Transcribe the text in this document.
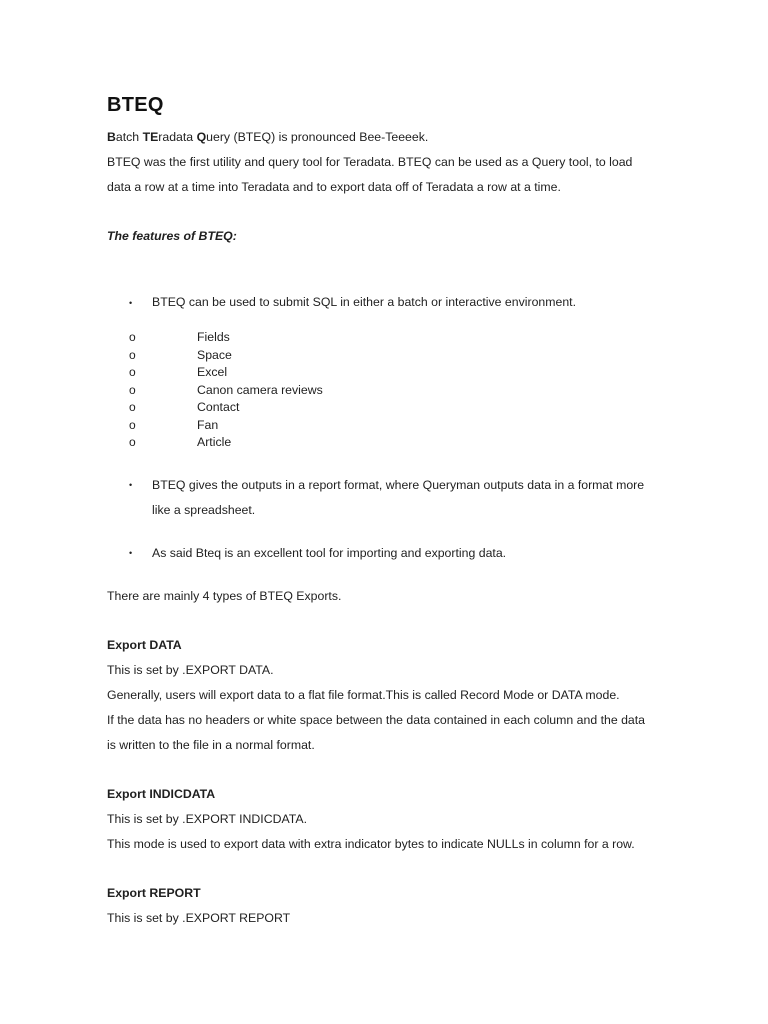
BTEQ
Batch TEradata Query (BTEQ) is pronounced Bee-Teeeek.
BTEQ was the first utility and query tool for Teradata. BTEQ can be used as a Query tool, to load
data a row at a time into Teradata and to export data off of Teradata a row at a time.
The features of BTEQ:
• BTEQ can be used to submit SQL in either a batch or interactive environment.
o	Fields
o	Space
o	Excel
o	Canon camera reviews
o	Contact
o	Fan
o	Article
• BTEQ gives the outputs in a report format, where Queryman outputs data in a format more
like a spreadsheet.
• As said Bteq is an excellent tool for importing and exporting data.
There are mainly 4 types of BTEQ Exports.
Export DATA
This is set by .EXPORT DATA.
Generally, users will export data to a flat file format.This is called Record Mode or DATA mode.
If the data has no headers or white space between the data contained in each column and the data
is written to the file in a normal format.
Export INDICDATA
This is set by .EXPORT INDICDATA.
This mode is used to export data with extra indicator bytes to indicate NULLs in column for a row.
Export REPORT
This is set by .EXPORT REPORT
